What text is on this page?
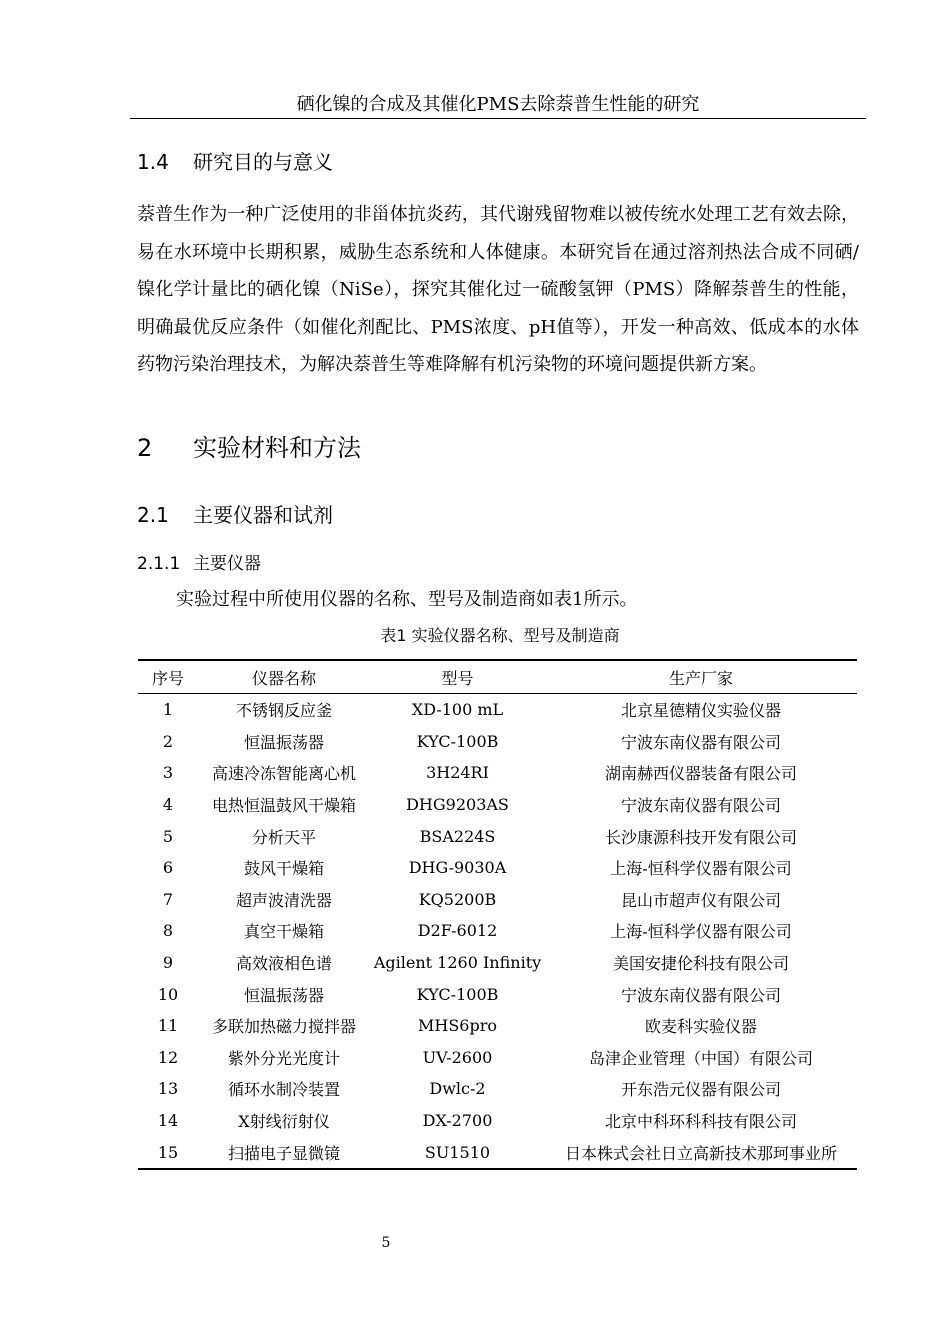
硒化镍的合成及其催化PMS去除萘普生性能的研究
1.4	研究目的与意义

萘普生作为一种广泛使用的非甾体抗炎药，其代谢残留物难以被传统水处理工艺有效去除，易在水环境中长期积累，威胁生态系统和人体健康。本研究旨在通过溶剂热法合成不同硒/镍化学计量比的硒化镍（NiSe），探究其催化过一硫酸氢钾（PMS）降解萘普生的性能，明确最优反应条件（如催化剂配比、PMS浓度、pH值等），开发一种高效、低成本的水体药物污染治理技术，为解决萘普生等难降解有机污染物的环境问题提供新方案。

2	实验材料和方法
2.1	主要仪器和试剂
2.1.1 主要仪器

实验过程中所使用仪器的名称、型号及制造商如表1所示。

表1 实验仪器名称、型号及制造商
序号	仪器名称	型号	生产厂家
1	不锈钢反应釜	XD-100 mL	北京星德精仪实验仪器
2	恒温振荡器	KYC-100B	宁波东南仪器有限公司
3	高速冷冻智能离心机	3H24RI	湖南赫西仪器装备有限公司
4	电热恒温鼓风干燥箱	DHG9203AS	宁波东南仪器有限公司
5	分析天平	BSA224S	长沙康源科技开发有限公司
6	鼓风干燥箱	DHG-9030A	上海-恒科学仪器有限公司
7	超声波清洗器	KQ5200B	昆山市超声仪有限公司
8	真空干燥箱	D2F-6012	上海-恒科学仪器有限公司
9	高效液相色谱	Agilent 1260 Infinity	美国安捷伦科技有限公司
10	恒温振荡器	KYC-100B	宁波东南仪器有限公司
11	多联加热磁力搅拌器	MHS6pro	欧麦科实验仪器
12	紫外分光光度计	UV-2600	岛津企业管理（中国）有限公司
13	循环水制冷装置	Dwlc-2	开东浩元仪器有限公司
14	X射线衍射仪	DX-2700	北京中科环科科技有限公司
15	扫描电子显微镜	SU1510	日本株式会社日立高新技术那珂事业所
5
